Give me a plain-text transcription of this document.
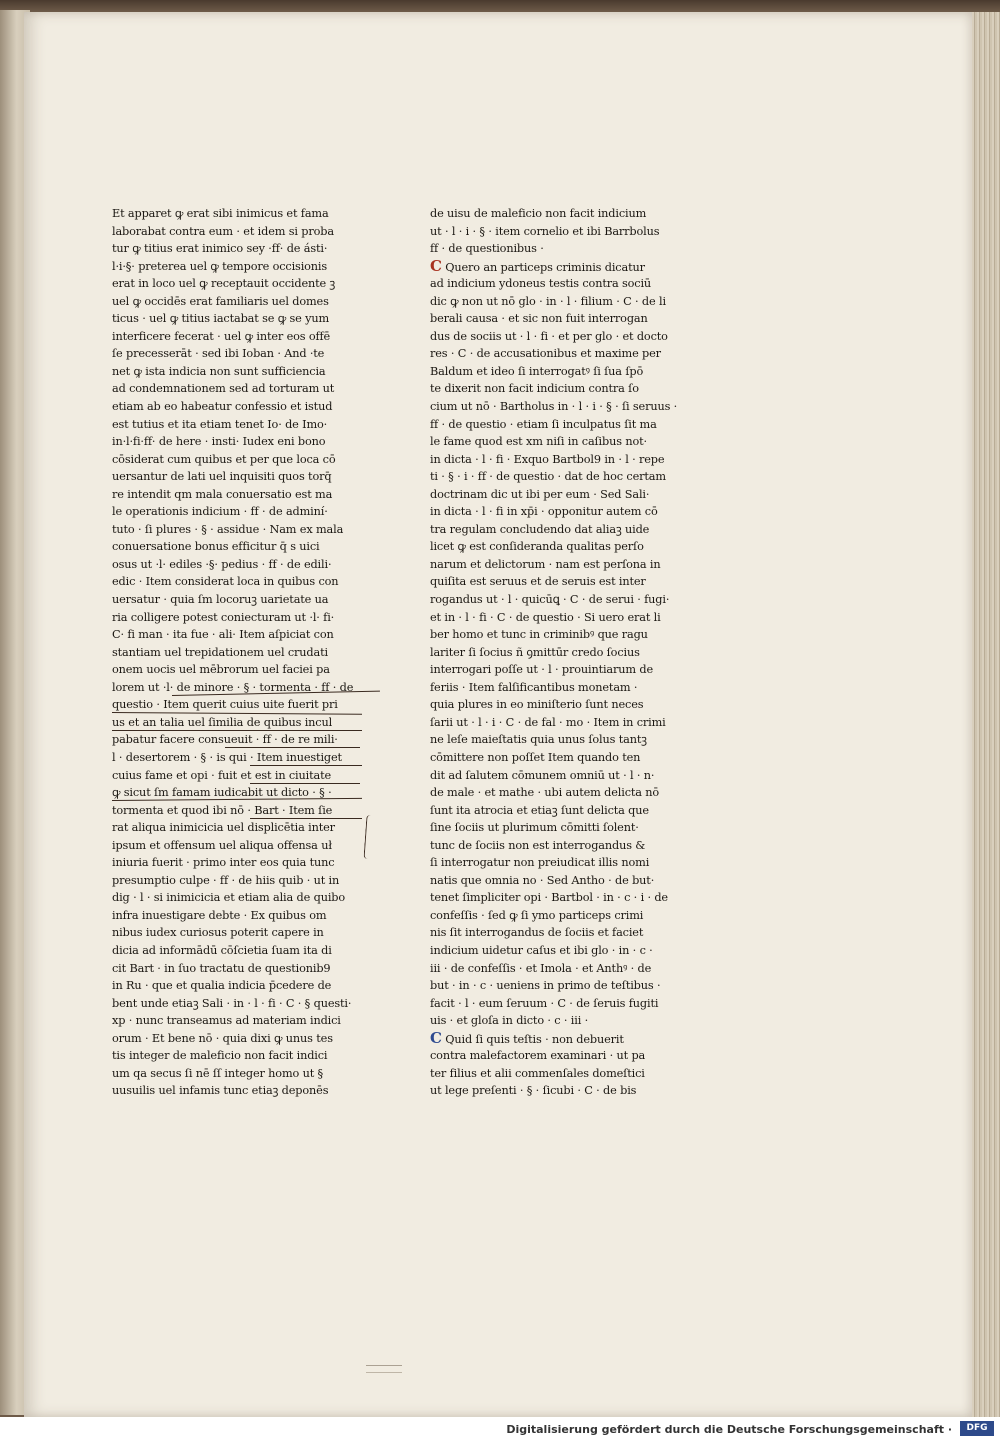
Et apparet ꝙ erat sibi inimicus et fama
laborabat contra eum · et idem si proba
tur ꝙ titius erat inimico sey ·ff· de ásti·
l·i·§· preterea uel ꝙ tempore occisionis
erat in loco uel ꝙ receptauit occidente ꝫ
uel ꝙ occidēs erat familiaris uel domes
ticus · uel ꝙ titius iactabat se ꝙ se yum
interficere fecerat · uel ꝙ inter eos offē
ſe precesserāt · sed ibi Ioban · And ·te
net ꝙ ista indicia non sunt sufficiencia
ad condemnationem sed ad torturam ut
etiam ab eo habeatur confessio et istud
est tutius et ita etiam tenet Io· de Imo·
in·l·fi·ff· de here · insti· Iudex eni bono
cōsiderat cum quibus et per que loca cō
uersantur de lati uel inquisiti quos torq̄
re intendit qm mala conuersatio est ma
le operationis indicium · ff · de adminí·
tuto · ſi plures · § · assidue · Nam ex mala
conuersatione bonus efficitur q̄ s uici
osus ut ·l· ediles ·§· pedius · ff · de edili·
edic · Item considerat loca in quibus con
uersatur · quia ſm locoruꝫ uarietate ua
ria colligere potest coniecturam ut ·l· fi·
C· fi man · ita fue · ali· Item aſpiciat con
stantiam uel trepidationem uel crudati
onem uocis uel mēbrorum uel faciei pa
lorem ut ·l· de minore · § · tormenta · ff · de
questio · Item querit cuius uite fuerit pri
us et an talia uel ſimilia de quibus incul
pabatur facere consueuit · ff · de re mili·
l · desertorem · § · is qui · Item inuestiget
cuius fame et opi · fuit et est in ciuitate
ꝙ sicut ſm famam iudicabit ut dicto · § ·
tormenta et quod ibi nō · Bart · Item ſie
rat aliqua inimicicia uel displicētia inter
ipsum et offensum uel aliqua offensa uł
iniuria fuerit · primo inter eos quia tunc
presumptio culpe · ff · de hiis quib · ut in
dig · l · si inimicicia et etiam alia de quibo
infra inuestigare debte · Ex quibus om
nibus iudex curiosus poterit capere in
dicia ad informādū cōſcietia ſuam ita di
cit Bart · in ſuo tractatu de questionib9
in Ru · que et qualia indicia p̄cedere de
bent unde etiaꝫ Sali · in · l · fi · C · § questi·
xp · nunc transeamus ad materiam indici
orum · Et bene nō · quia dixi ꝙ unus tes
tis integer de maleficio non facit indici
um qa secus ſi nē ſſ integer homo ut §
uusuilis uel infamis tunc etiaꝫ deponēs
de uisu de maleficio non facit indicium
ut · l · i · § · item cornelio et ibi Barrbolus
ff · de questionibus ·
C Quero an particeps criminis dicatur
ad indicium ydoneus testis contra sociū
dic ꝙ non ut nō glo · in · l · filium · C · de li
berali causa · et sic non fuit interrogan
dus de sociis ut · l · fi · et per glo · et docto
res · C · de accusationibus et maxime per
Baldum et ideo ſi interrogatꝰ ſi ſua ſpō
te dixerit non facit indicium contra ſo
cium ut nō · Bartholus in · l · i · § · ſi seruus ·
ff · de questio · etiam ſi inculpatus ſit ma
le fame quod est xm niſi in caſibus not·
in dicta · l · fi · Exquo Bartbol9 in · l · repe
ti · § · i · ff · de questio · dat de hoc certam
doctrinam dic ut ibi per eum · Sed Sali·
in dicta · l · fi in xp̄i · opponitur autem cō
tra regulam concludendo dat aliaꝫ uide
licet ꝙ est conſideranda qualitas perſo
narum et delictorum · nam est perſona in
quiſita est seruus et de seruis est inter
rogandus ut · l · quicūꝗ · C · de serui · fugi·
et in · l · fi · C · de questio · Si uero erat li
ber homo et tunc in criminibꝰ que ragu
lariter ſi ſocius ñ ꝯmittūr credo ſocius
interrogari poſſe ut · l · prouintiarum de
feriis · Item falſificantibus monetam ·
quia plures in eo miniſterio ſunt neces
ſarii ut · l · i · C · de fal · mo · Item in crimi
ne leſe maieſtatis quia unus ſolus tantꝫ
cōmittere non poſſet Item quando ten
dit ad ſalutem cōmunem omniū ut · l · n·
de male · et mathe · ubi autem delicta nō
ſunt ita atrocia et etiaꝫ ſunt delicta que
ſine ſociis ut plurimum cōmitti ſolent·
tunc de ſociis non est interrogandus &
ſi interrogatur non preiudicat illis nomi
natis que omnia no · Sed Antho · de but·
tenet ſimpliciter opi · Bartbol · in · c · i · de
confeſſis · ſed ꝙ ſi ymo particeps crimi
nis ſit interrogandus de ſociis et faciet
indicium uidetur caſus et ibi glo · in · c ·
iii · de confeſſis · et Imola · et Anthꝰ · de
but · in · c · ueniens in primo de teſtibus ·
facit · l · eum ſeruum · C · de ſeruis fugiti
uis · et gloſa in dicto · c · iii ·
C Quid ſi quis teſtis · non debuerit
contra malefactorem examinari · ut pa
ter filius et alii commenſales domeſtici
ut lege preſenti · § · ſicubi · C · de bis
Digitalisierung gefördert durch die Deutsche Forschungsgemeinschaft ·	DFG
